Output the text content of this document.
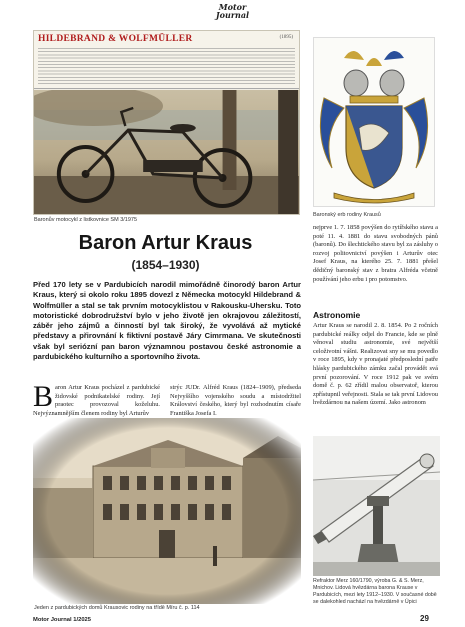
Motor
Journal
HILDEBRAND & WOLFMÜLLER	(1895)
Baronův motocykl z listkovnice SM 3/1975
Baronský erb rodiny Krausů
Baron Artur Kraus
(1854–1930)
Před 170 lety se v Pardubicích narodil mimořádně činorodý baron Artur Kraus, který si okolo roku 1895 dovezl z Německa motocykl Hildebrand & Wolfmüller a stal se tak prvním motocyklistou v Rakousku-Uhersku. Toto motoristické dobrodružství bylo v jeho životě jen okrajovou záležitostí, záběr jeho zájmů a činností byl tak široký, že vyvolává až mytické představy a přirovnání k fiktivní postavě Járy Cimrmana. Ve skutečnosti však byl seriózní pan baron významnou postavou české astronomie a pardubického kulturního a sportovního života.
B aron Artur Kraus pocházel z pardubické židovské podnikatelské rodiny. Její praotec provozoval koželuhu. Nejvýznamnějším členem rodiny byl Arturův
strýc JUDr. Alfréd Kraus (1824–1909), předseda Nejvyššího vojenského soudu a místodržitel Království českého, který byl rozhodnutím císaře Františka Josefa I.
nejprve 1. 7. 1858 povýšen do rytířského stavu a poté 11. 4. 1881 do stavu svobodných pánů (baronů). Do šlechtického stavu byl za zásluhy o rozvoj politovnictví povýšen i Arturův otec Josef Kraus, na kterého 25. 7. 1881 přešel dědičný baronský stav z bratra Alfréda včetně používání jeho erbu i pro potomstvo.
Astronomie
Artur Kraus se narodil 2. 8. 1854. Po 2 ročních pardubické reálky odjel do Francie, kde se plně věnoval studiu astronomie, své největší celoživotní vášni. Realizovat sny se mu povedlo v roce 1895, kdy v pronajaté předposlední patře hlásky pardubického zámku začal provádět svá první pozorování. V roce 1912 pak ve svém domě č. p. 62 zřídil malou observatoř, kterou zpřístupnil veřejnosti. Stala se tak první Lidovou hvězdárnou na našem území. Jako astronom
Jeden z pardubických domů Krausovic rodiny na třídě Míru č. p. 114
Refraktor Merz 160/1790, výroba G. & S. Merz, Mnichov. Lidová hvězdárna barona Krause v Pardubicích, mezi lety 1912–1930. V současné době se dalekohled nachází na hvězdárně v Úpici
Motor Journal 1/2025	29
